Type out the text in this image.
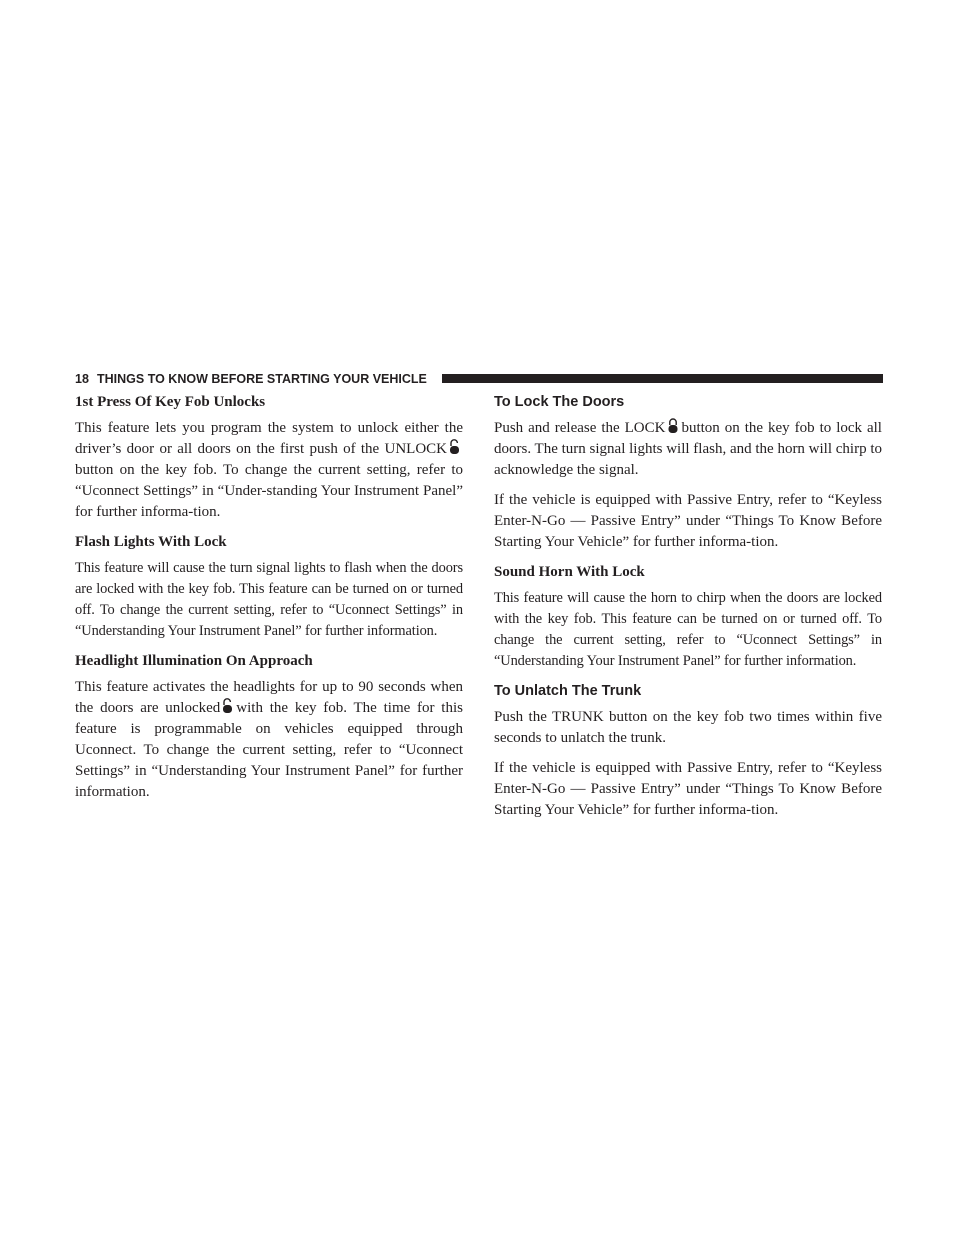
18 THINGS TO KNOW BEFORE STARTING YOUR VEHICLE
1st Press Of Key Fob Unlocks

This feature lets you program the system to unlock either the driver’s door or all doors on the first push of the UNLOCKbutton on the key fob. To change the current setting, refer to “Uconnect Settings” in “Under-standing Your Instrument Panel” for further informa-tion.

Flash Lights With Lock

This feature will cause the turn signal lights to flash when the doors are locked with the key fob. This feature can be turned on or turned off. To change the current setting, refer to “Uconnect Settings” in “Understanding Your Instrument Panel” for further information.

Headlight Illumination On Approach

This feature activates the headlights for up to 90 seconds when the doors are unlocked with the key fob. The time for this feature is programmable on vehicles equipped through Uconnect. To change the current setting, refer to “Uconnect Settings” in “Understanding Your Instrument Panel” for further information.

To Lock The Doors

Push and release the LOCK button on the key fob to lock all doors. The turn signal lights will flash, and the horn will chirp to acknowledge the signal.

If the vehicle is equipped with Passive Entry, refer to “Keyless Enter-N-Go — Passive Entry” under “Things To Know Before Starting Your Vehicle” for further informa-tion.

Sound Horn With Lock

This feature will cause the horn to chirp when the doors are locked with the key fob. This feature can be turned on or turned off. To change the current setting, refer to “Uconnect Settings” in “Understanding Your Instrument Panel” for further information.

To Unlatch The Trunk

Push the TRUNK button on the key fob two times within five seconds to unlatch the trunk.

If the vehicle is equipped with Passive Entry, refer to “Keyless Enter-N-Go — Passive Entry” under “Things To Know Before Starting Your Vehicle” for further informa-tion.
